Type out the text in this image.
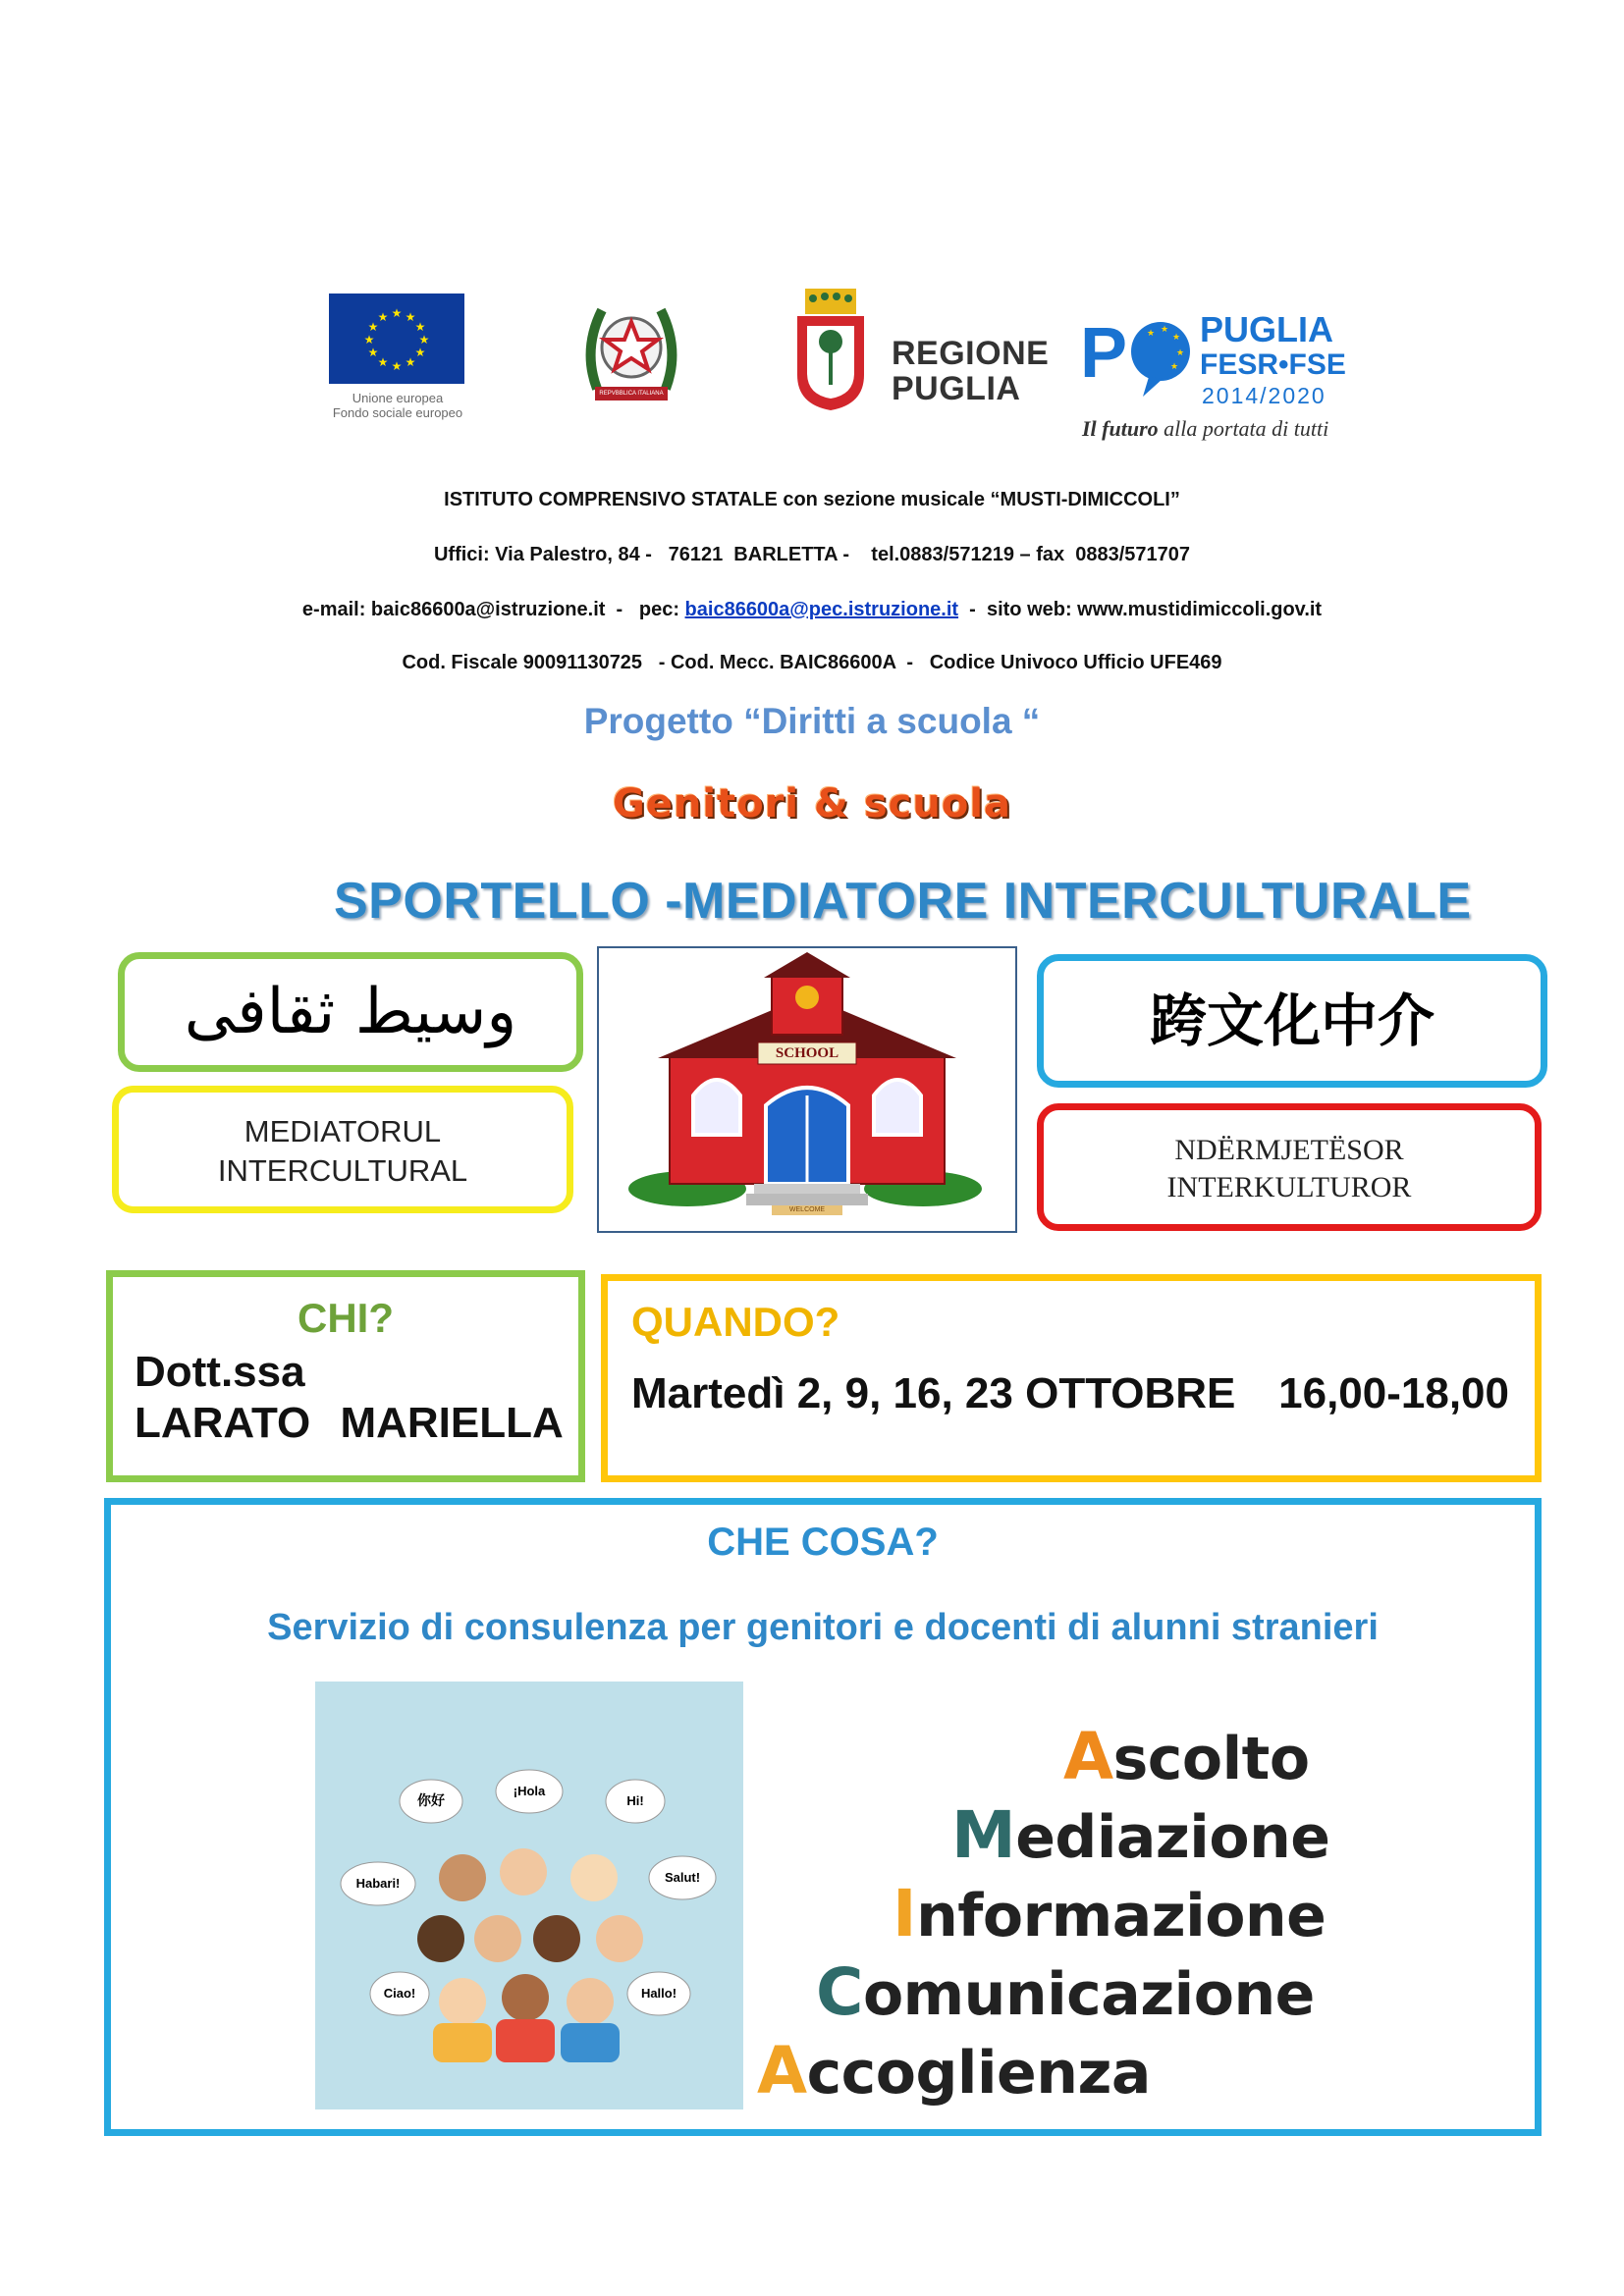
★ ★
★
★
★
★
★
★
★
★
★
★
Unione europea
Fondo sociale europeo
REPVBBLICA ITALIANA
REGIONE
PUGLIA P ★ ★
★
★
★
PUGLIA
FESR•FSE
2014/2020
Il futuro alla portata di tutti
ISTITUTO COMPRENSIVO STATALE con sezione musicale “MUSTI-DIMICCOLI”
Uffici: Via Palestro, 84 -   76121  BARLETTA -    tel.0883/571219 – fax  0883/571707
e-mail: baic86600a@istruzione.it  -   pec: baic86600a@pec.istruzione.it  -  sito web: www.mustidimiccoli.gov.it
Cod. Fiscale 90091130725   - Cod. Mecc. BAIC86600A  -   Codice Univoco Ufficio UFE469
Progetto “Diritti a scuola “
Genitori & scuola
SPORTELLO -MEDIATORE INTERCULTURALE
وسيط ثقافى
MEDIATORUL
INTERCULTURAL
SCHOOL
WELCOME
跨文化中介
NDËRMJETËSOR
INTERKULTUROR
CHI?
Dott.ssa
LARATO MARIELLA
QUANDO?
Martedì 2, 9, 16, 23 OTTOBRE 16,00-18,00
CHE COSA?
Servizio di consulenza per genitori e docenti di alunni stranieri
你好
¡Hola
Hi!
Habari!	Salut!
Ciao!	Hallo!
Ascolto
Mediazione
Informazione
Comunicazione
Accoglienza
